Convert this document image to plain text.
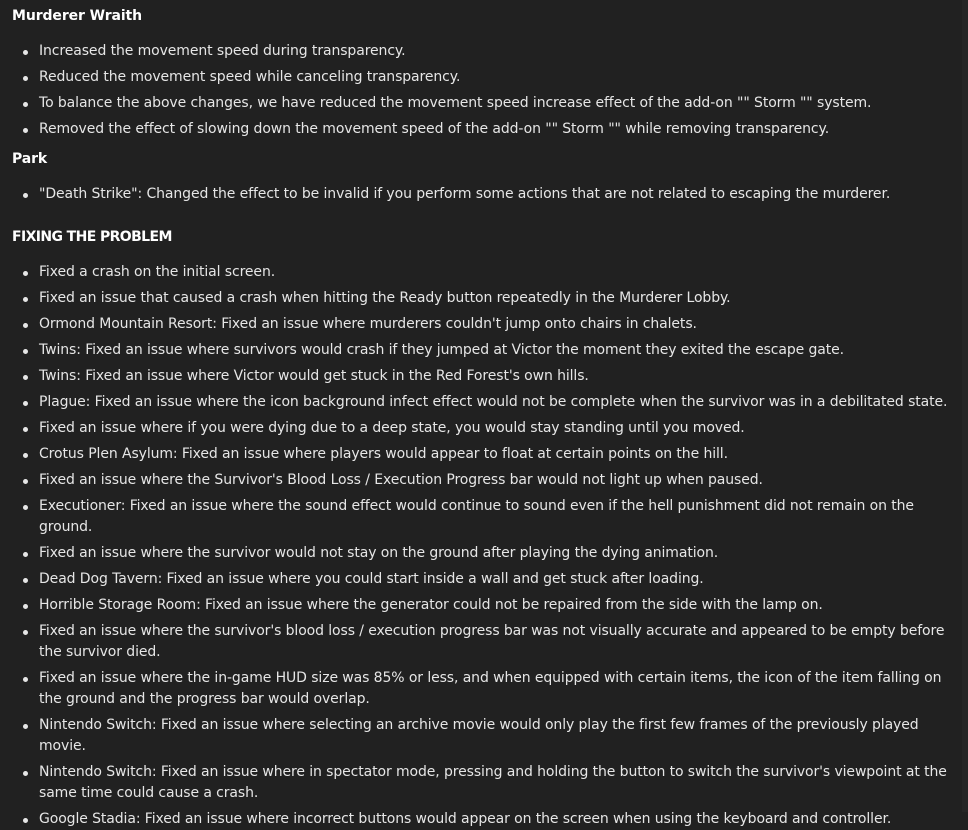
Murderer Wraith
Increased the movement speed during transparency.
Reduced the movement speed while canceling transparency.
To balance the above changes, we have reduced the movement speed increase effect of the add-on "" Storm "" system.
Removed the effect of slowing down the movement speed of the add-on "" Storm "" while removing transparency.
Park
"Death Strike": Changed the effect to be invalid if you perform some actions that are not related to escaping the murderer.
FIXING THE PROBLEM
Fixed a crash on the initial screen.
Fixed an issue that caused a crash when hitting the Ready button repeatedly in the Murderer Lobby.
Ormond Mountain Resort: Fixed an issue where murderers couldn't jump onto chairs in chalets.
Twins: Fixed an issue where survivors would crash if they jumped at Victor the moment they exited the escape gate.
Twins: Fixed an issue where Victor would get stuck in the Red Forest's own hills.
Plague: Fixed an issue where the icon background infect effect would not be complete when the survivor was in a debilitated state.
Fixed an issue where if you were dying due to a deep state, you would stay standing until you moved.
Crotus Plen Asylum: Fixed an issue where players would appear to float at certain points on the hill.
Fixed an issue where the Survivor's Blood Loss / Execution Progress bar would not light up when paused.
Executioner: Fixed an issue where the sound effect would continue to sound even if the hell punishment did not remain on the ground.
Fixed an issue where the survivor would not stay on the ground after playing the dying animation.
Dead Dog Tavern: Fixed an issue where you could start inside a wall and get stuck after loading.
Horrible Storage Room: Fixed an issue where the generator could not be repaired from the side with the lamp on.
Fixed an issue where the survivor's blood loss / execution progress bar was not visually accurate and appeared to be empty before the survivor died.
Fixed an issue where the in-game HUD size was 85% or less, and when equipped with certain items, the icon of the item falling on the ground and the progress bar would overlap.
Nintendo Switch: Fixed an issue where selecting an archive movie would only play the first few frames of the previously played movie.
Nintendo Switch: Fixed an issue where in spectator mode, pressing and holding the button to switch the survivor's viewpoint at the same time could cause a crash.
Google Stadia: Fixed an issue where incorrect buttons would appear on the screen when using the keyboard and controller.
